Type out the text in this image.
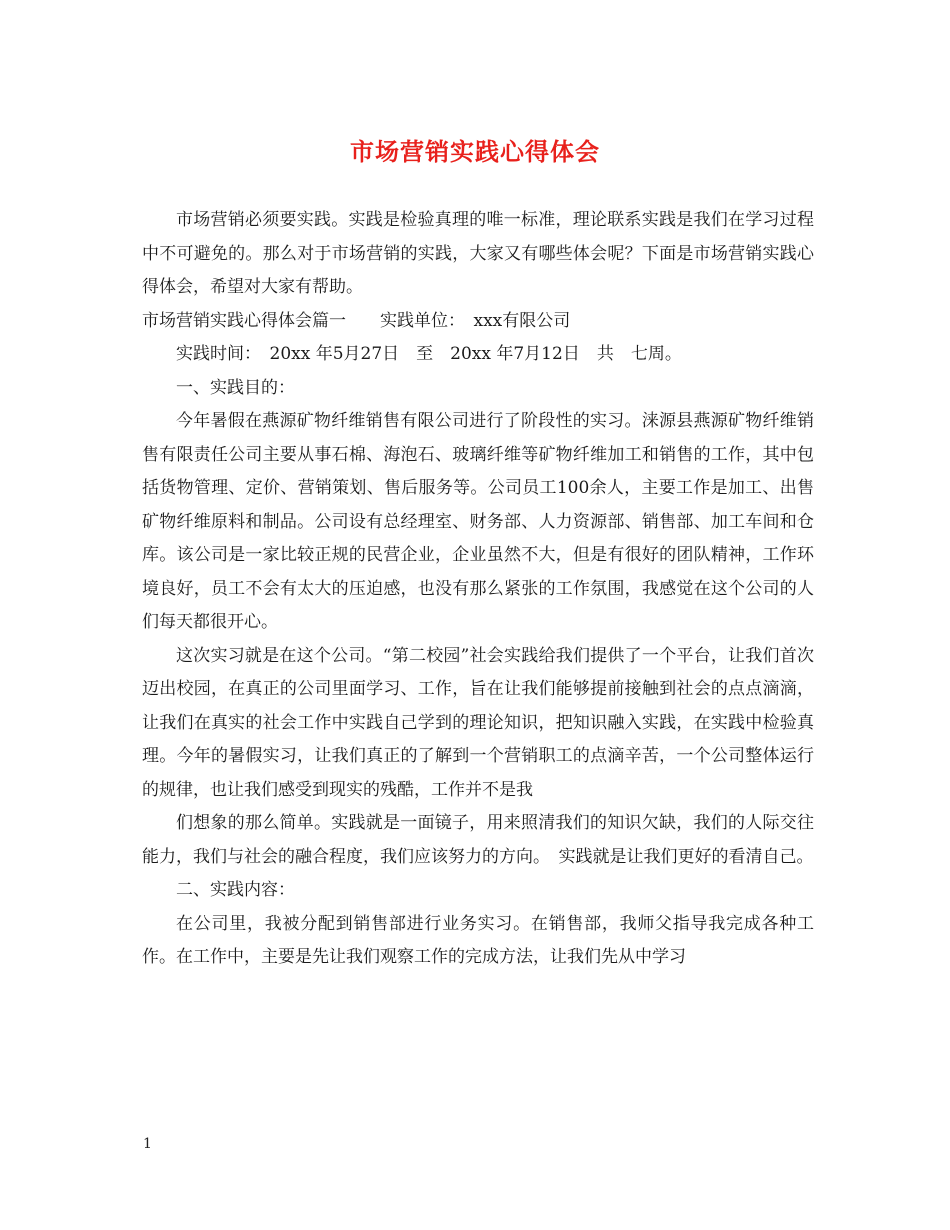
市场营销实践心得体会

市场营销必须要实践。实践是检验真理的唯一标准，理论联系实践是我们在学习过程中不可避免的。那么对于市场营销的实践，大家又有哪些体会呢？下面是市场营销实践心得体会，希望对大家有帮助。

市场营销实践心得体会篇一　　实践单位：　xxx有限公司

实践时间：　20xx 年5月27日　至　20xx 年7月12日　共　七周。

一、实践目的：

今年暑假在燕源矿物纤维销售有限公司进行了阶段性的实习。涞源县燕源矿物纤维销售有限责任公司主要从事石棉、海泡石、玻璃纤维等矿物纤维加工和销售的工作，其中包括货物管理、定价、营销策划、售后服务等。公司员工100余人，主要工作是加工、出售矿物纤维原料和制品。公司设有总经理室、财务部、人力资源部、销售部、加工车间和仓库。该公司是一家比较正规的民营企业，企业虽然不大，但是有很好的团队精神，工作环境良好，员工不会有太大的压迫感，也没有那么紧张的工作氛围，我感觉在这个公司的人们每天都很开心。

这次实习就是在这个公司。“第二校园”社会实践给我们提供了一个平台，让我们首次迈出校园，在真正的公司里面学习、工作，旨在让我们能够提前接触到社会的点点滴滴，让我们在真实的社会工作中实践自己学到的理论知识，把知识融入实践，在实践中检验真理。今年的暑假实习，让我们真正的了解到一个营销职工的点滴辛苦，一个公司整体运行的规律，也让我们感受到现实的残酷，工作并不是我

们想象的那么简单。实践就是一面镜子，用来照清我们的知识欠缺，我们的人际交往能力，我们与社会的融合程度，我们应该努力的方向。　实践就是让我们更好的看清自己。

二、实践内容：

在公司里，我被分配到销售部进行业务实习。在销售部，我师父指导我完成各种工作。在工作中，主要是先让我们观察工作的完成方法，让我们先从中学习

1
